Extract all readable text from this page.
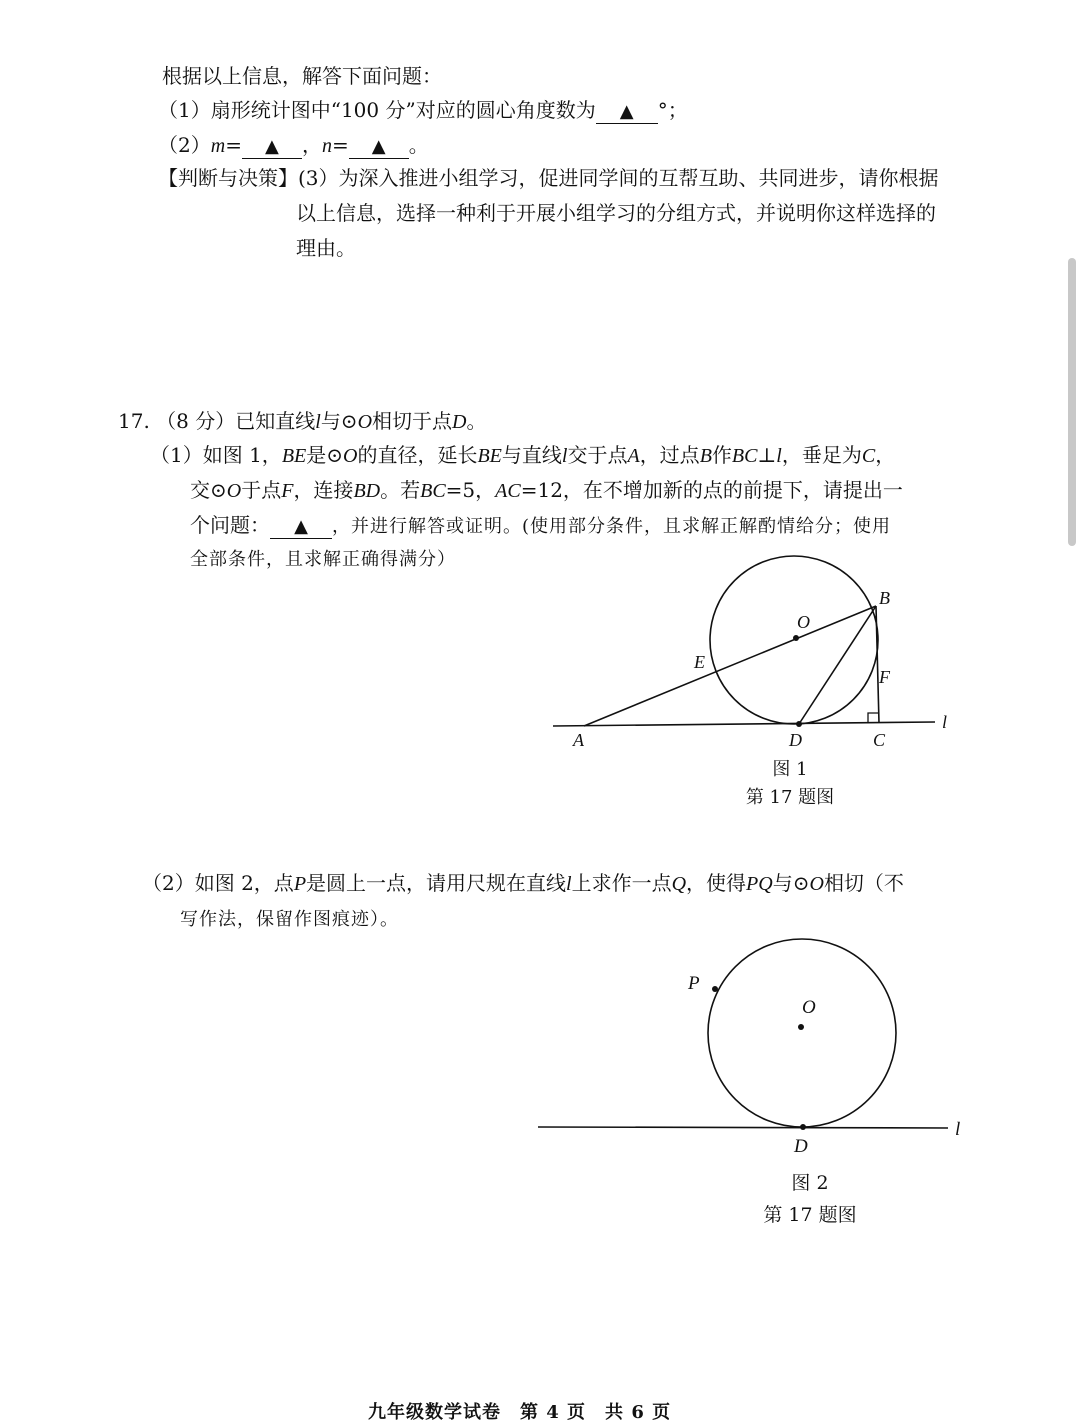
根据以上信息，解答下面问题：
（1）扇形统计图中“100 分”对应的圆心角度数为 ▲ °；
（2）m= ▲ ，n= ▲ 。
【判断与决策】(3）为深入推进小组学习，促进同学间的互帮互助、共同进步，请你根据
以上信息，选择一种利于开展小组学习的分组方式，并说明你这样选择的
理由。
17. （8 分）已知直线l与⊙O相切于点D。
（1）如图 1，BE是⊙O的直径，延长BE与直线l交于点A，过点B作BC⊥l，垂足为C，
交⊙O于点F，连接BD。若BC=5，AC=12，在不增加新的点的前提下，请提出一
个问题： ▲ ，并进行解答或证明。(使用部分条件，且求解正解酌情给分；使用
全部条件，且求解正确得满分）
O
B
E
F
A	D	C
l
图 1
第 17 题图
（2）如图 2，点P是圆上一点，请用尺规在直线l上求作一点Q，使得PQ与⊙O相切（不
写作法，保留作图痕迹）。
P
O
D
l
图 2
第 17 题图
九年级数学试卷　第 4 页　共 6 页
